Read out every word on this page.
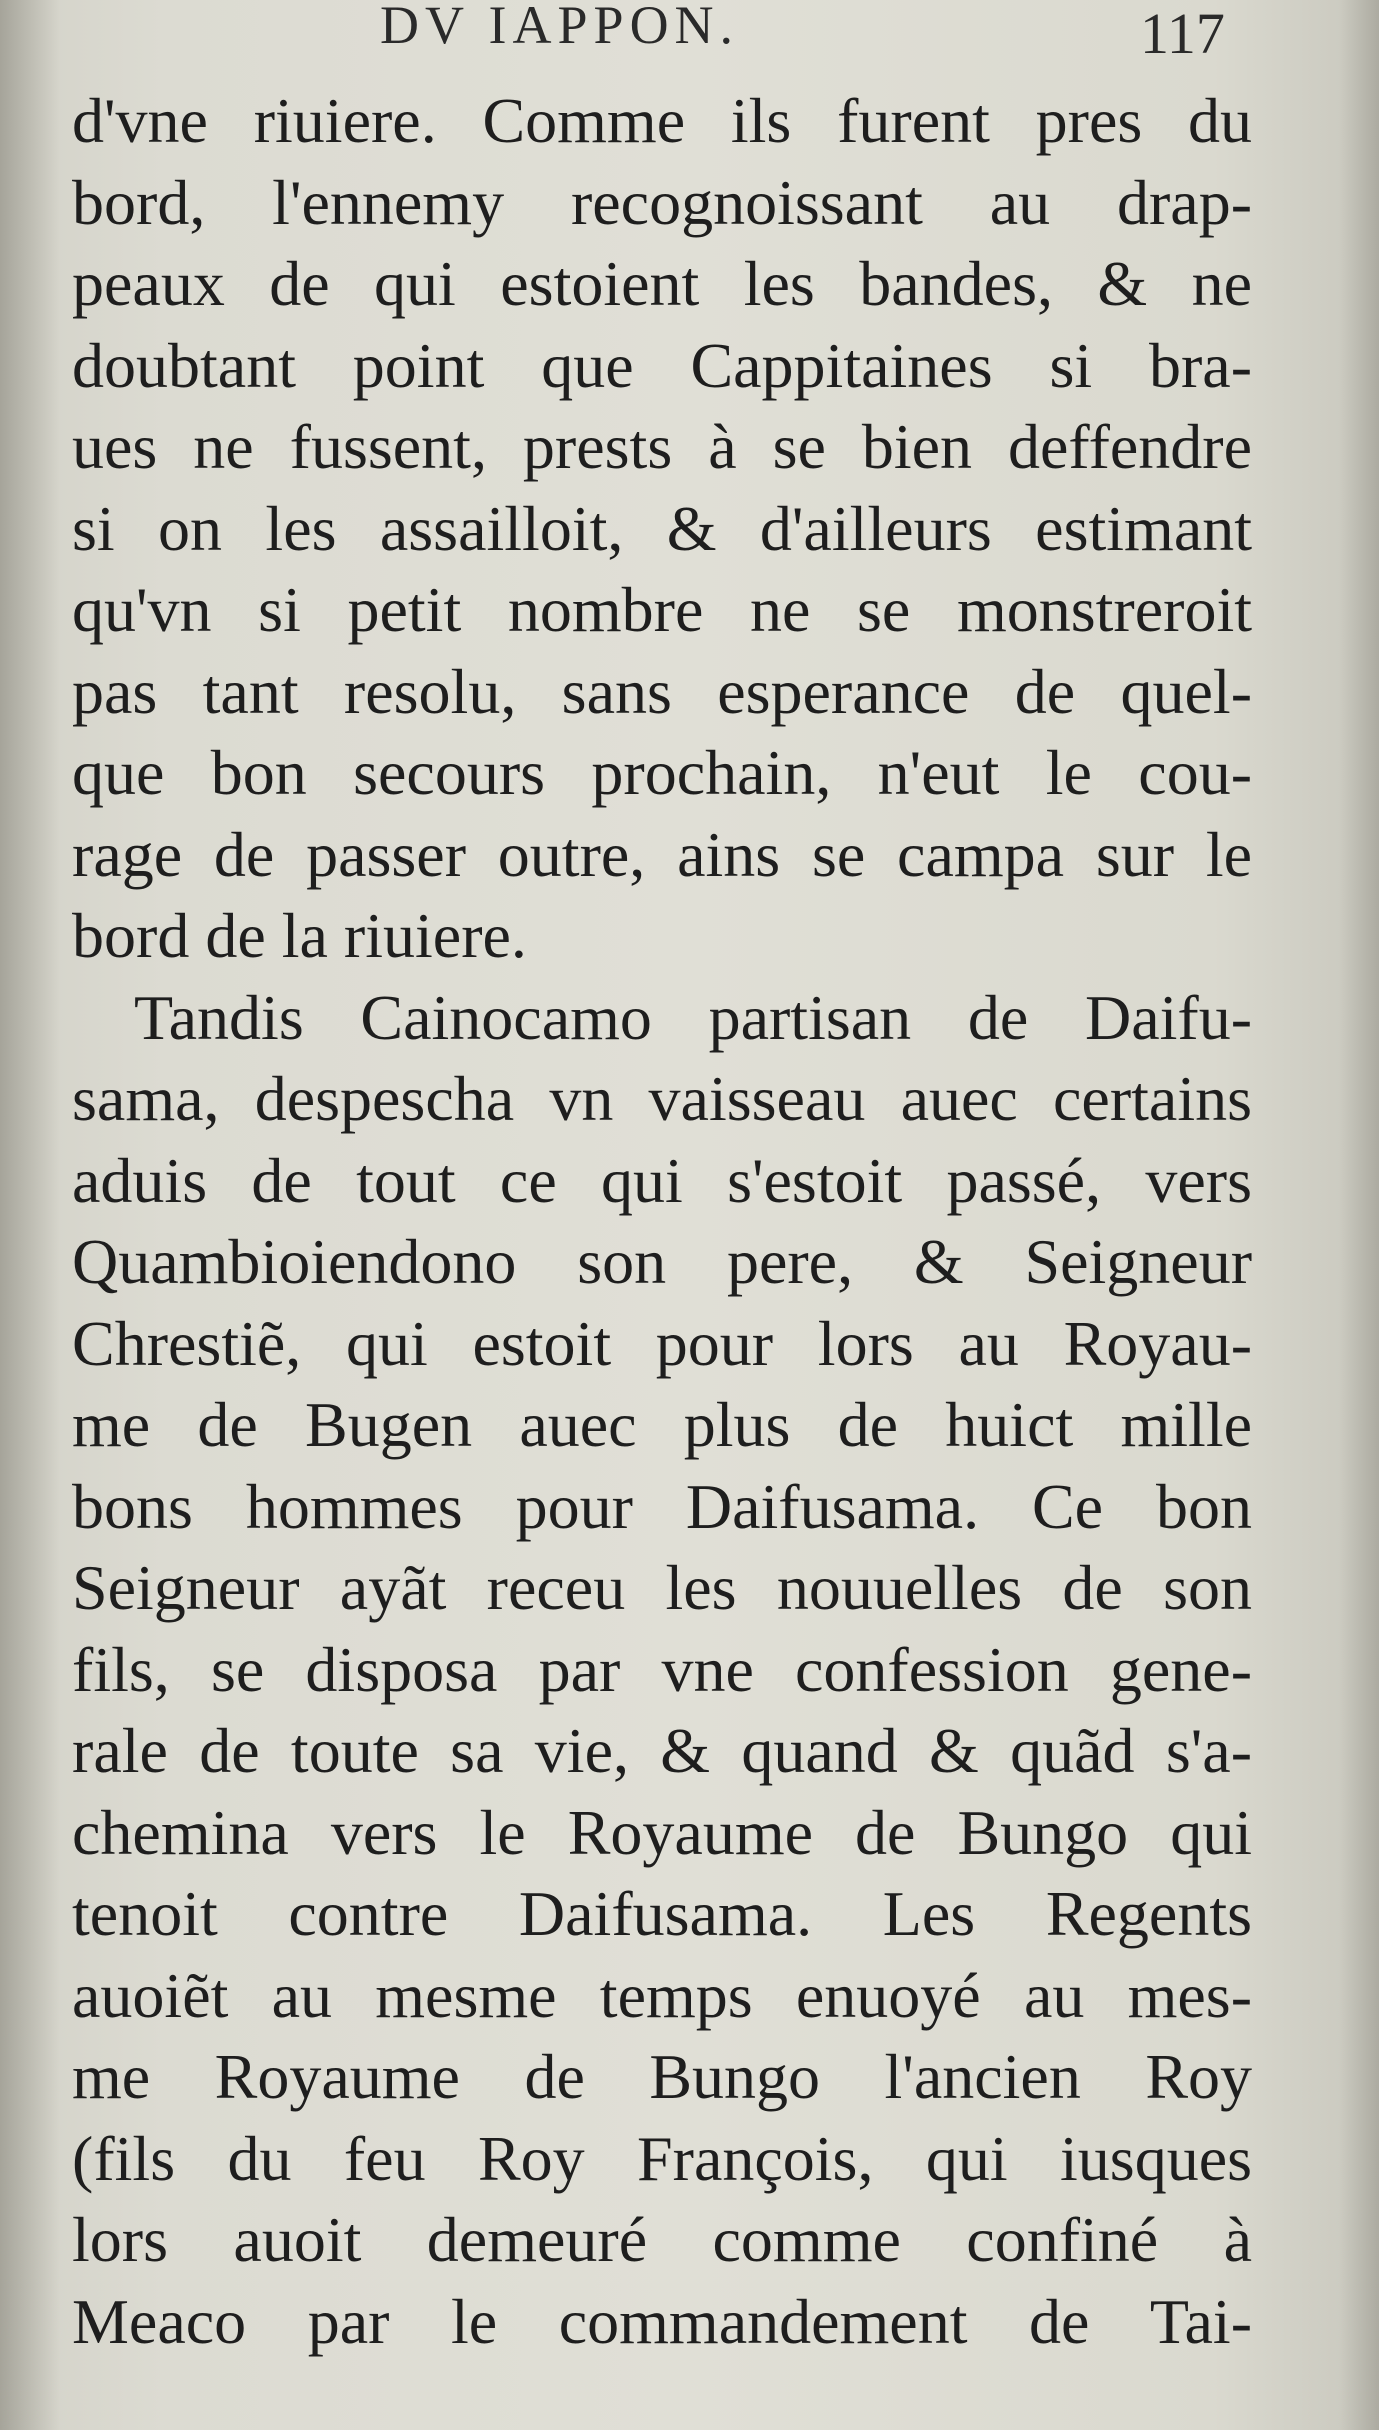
DV IAPPON.	117
d'vne riuiere. Comme ils furent pres du
bord, l'ennemy recognoissant au drap-
peaux de qui estoient les bandes, & ne
doubtant point que Cappitaines si bra-
ues ne fussent, prests à se bien deffendre
si on les assailloit, & d'ailleurs estimant
qu'vn si petit nombre ne se monstreroit
pas tant resolu, sans esperance de quel-
que bon secours prochain, n'eut le cou-
rage de passer outre, ains se campa sur le
bord de la riuiere.
Tandis Cainocamo partisan de Daifu-
sama, despescha vn vaisseau auec certains
aduis de tout ce qui s'estoit passé, vers
Quambioiendono son pere, & Seigneur
Chrestiẽ, qui estoit pour lors au Royau-
me de Bugen auec plus de huict mille
bons hommes pour Daifusama. Ce bon
Seigneur ayãt receu les nouuelles de son
fils, se disposa par vne confession gene-
rale de toute sa vie, & quand & quãd s'a-
chemina vers le Royaume de Bungo qui
tenoit contre Daifusama. Les Regents
auoiẽt au mesme temps enuoyé au mes-
me Royaume de Bungo l'ancien Roy
(fils du feu Roy François, qui iusques
lors auoit demeuré comme confiné à
Meaco par le commandement de Tai-
